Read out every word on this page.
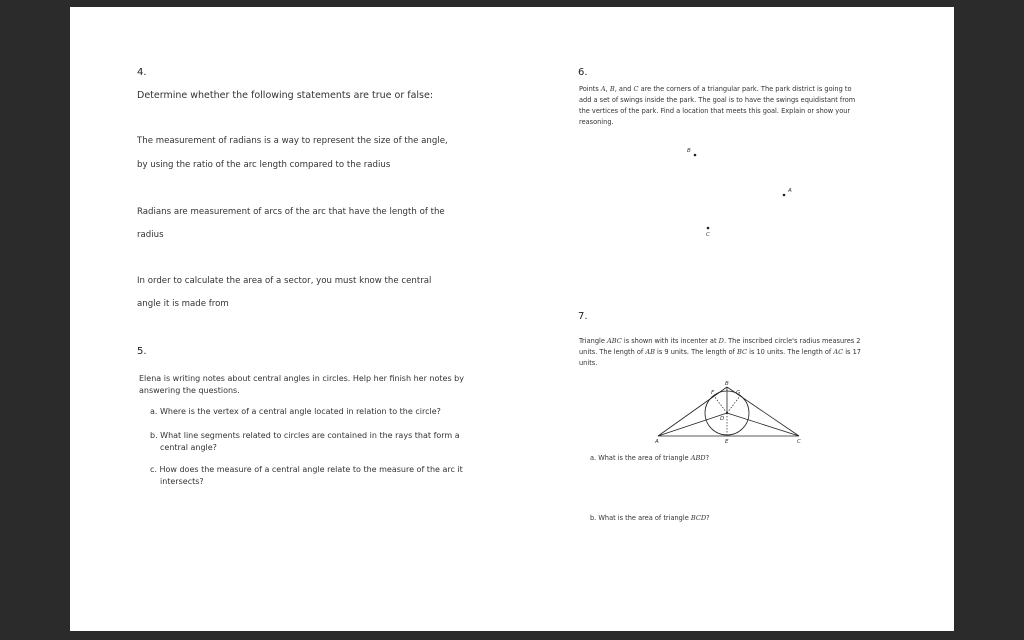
4.
Determine whether the following statements are true or false:
The measurement of radians is a way to represent the size of the angle,
by using the ratio of the arc length compared to the radius
Radians are measurement of arcs of the arc that have the length of the
radius
In order to calculate the area of a sector, you must know the central
angle it is made from
5.
Elena is writing notes about central angles in circles. Help her finish her notes by
answering the questions.
a. Where is the vertex of a central angle located in relation to the circle?
b. What line segments related to circles are contained in the rays that form a
central angle?
c. How does the measure of a central angle relate to the measure of the arc it
intersects?
6.
Points A, B, and C are the corners of a triangular park. The park district is going to
add a set of swings inside the park. The goal is to have the swings equidistant from
the vertices of the park. Find a location that meets this goal. Explain or show your
reasoning.
B
A
C
7.
Triangle ABC is shown with its incenter at D. The inscribed circle's radius measures 2
units. The length of AB is 9 units. The length of BC is 10 units. The length of AC is 17
units.
A
B
C
D
E
F	G
a. What is the area of triangle ABD?
b. What is the area of triangle BCD?
